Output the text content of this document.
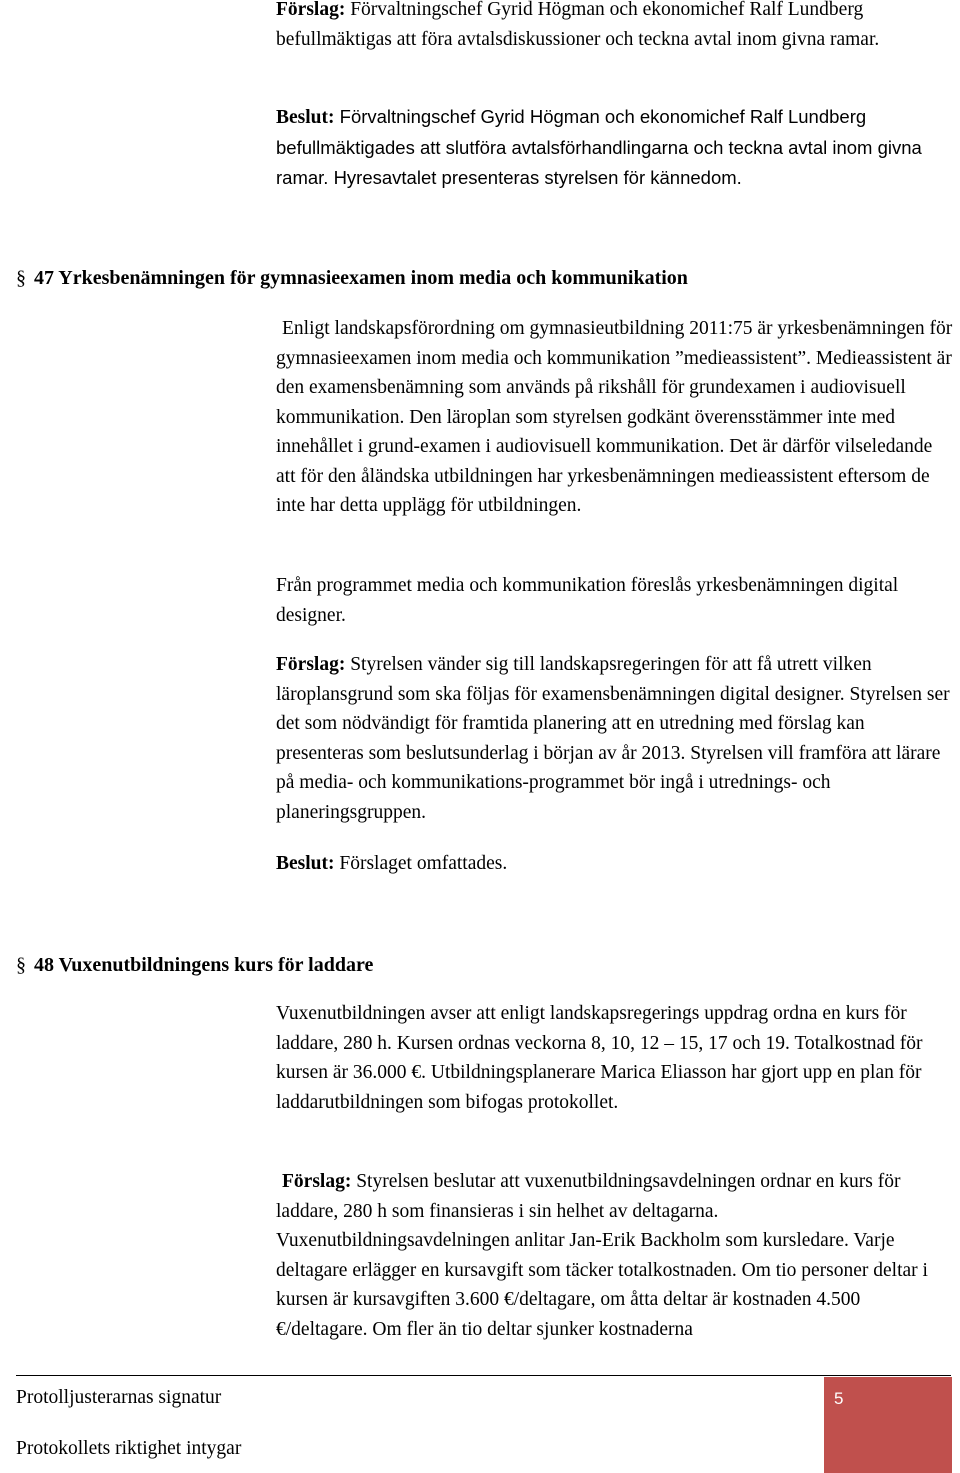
Förslag: Förvaltningschef Gyrid Högman och ekonomichef Ralf Lundberg befullmäktigas att föra avtalsdiskussioner och teckna avtal inom givna ramar.

Beslut: Förvaltningschef Gyrid Högman och ekonomichef Ralf Lundberg befullmäktigades att slutföra avtalsförhandlingarna och teckna avtal inom givna ramar. Hyresavtalet presenteras styrelsen för kännedom.

§ 47 Yrkesbenämningen för gymnasieexamen inom media och kommunikation

Enligt landskapsförordning om gymnasieutbildning 2011:75 är yrkesbenämningen för gymnasieexamen inom media och kommunikation ”medieassistent”. Medieassistent är den examensbenämning som används på rikshåll för grundexamen i audiovisuell kommunikation. Den läroplan som styrelsen godkänt överensstämmer inte med innehållet i grund-examen i audiovisuell kommunikation. Det är därför vilseledande att för den åländska utbildningen har yrkesbenämningen medieassistent eftersom de inte har detta upplägg för utbildningen.

Från programmet media och kommunikation föreslås yrkesbenämningen digital designer.

Förslag: Styrelsen vänder sig till landskapsregeringen för att få utrett vilken läroplansgrund som ska följas för examensbenämningen digital designer. Styrelsen ser det som nödvändigt för framtida planering att en utredning med förslag kan presenteras som beslutsunderlag i början av år 2013. Styrelsen vill framföra att lärare på media- och kommunikations-programmet bör ingå i utrednings- och planeringsgruppen.

Beslut: Förslaget omfattades.

§ 48 Vuxenutbildningens kurs för laddare

Vuxenutbildningen avser att enligt landskapsregerings uppdrag ordna en kurs för laddare, 280 h. Kursen ordnas veckorna 8, 10, 12 – 15, 17 och 19. Totalkostnad för kursen är 36.000 €. Utbildningsplanerare Marica Eliasson har gjort upp en plan för laddarutbildningen som bifogas protokollet.

Förslag: Styrelsen beslutar att vuxenutbildningsavdelningen ordnar en kurs för laddare, 280 h som finansieras i sin helhet av deltagarna. Vuxenutbildningsavdelningen anlitar Jan-Erik Backholm som kursledare. Varje deltagare erlägger en kursavgift som täcker totalkostnaden. Om tio personer deltar i kursen är kursavgiften 3.600 €/deltagare, om åtta deltar är kostnaden 4.500 €/deltagare. Om fler än tio deltar sjunker kostnaderna

Protolljusterarnas signatur
Protokollets riktighet intygar
5
